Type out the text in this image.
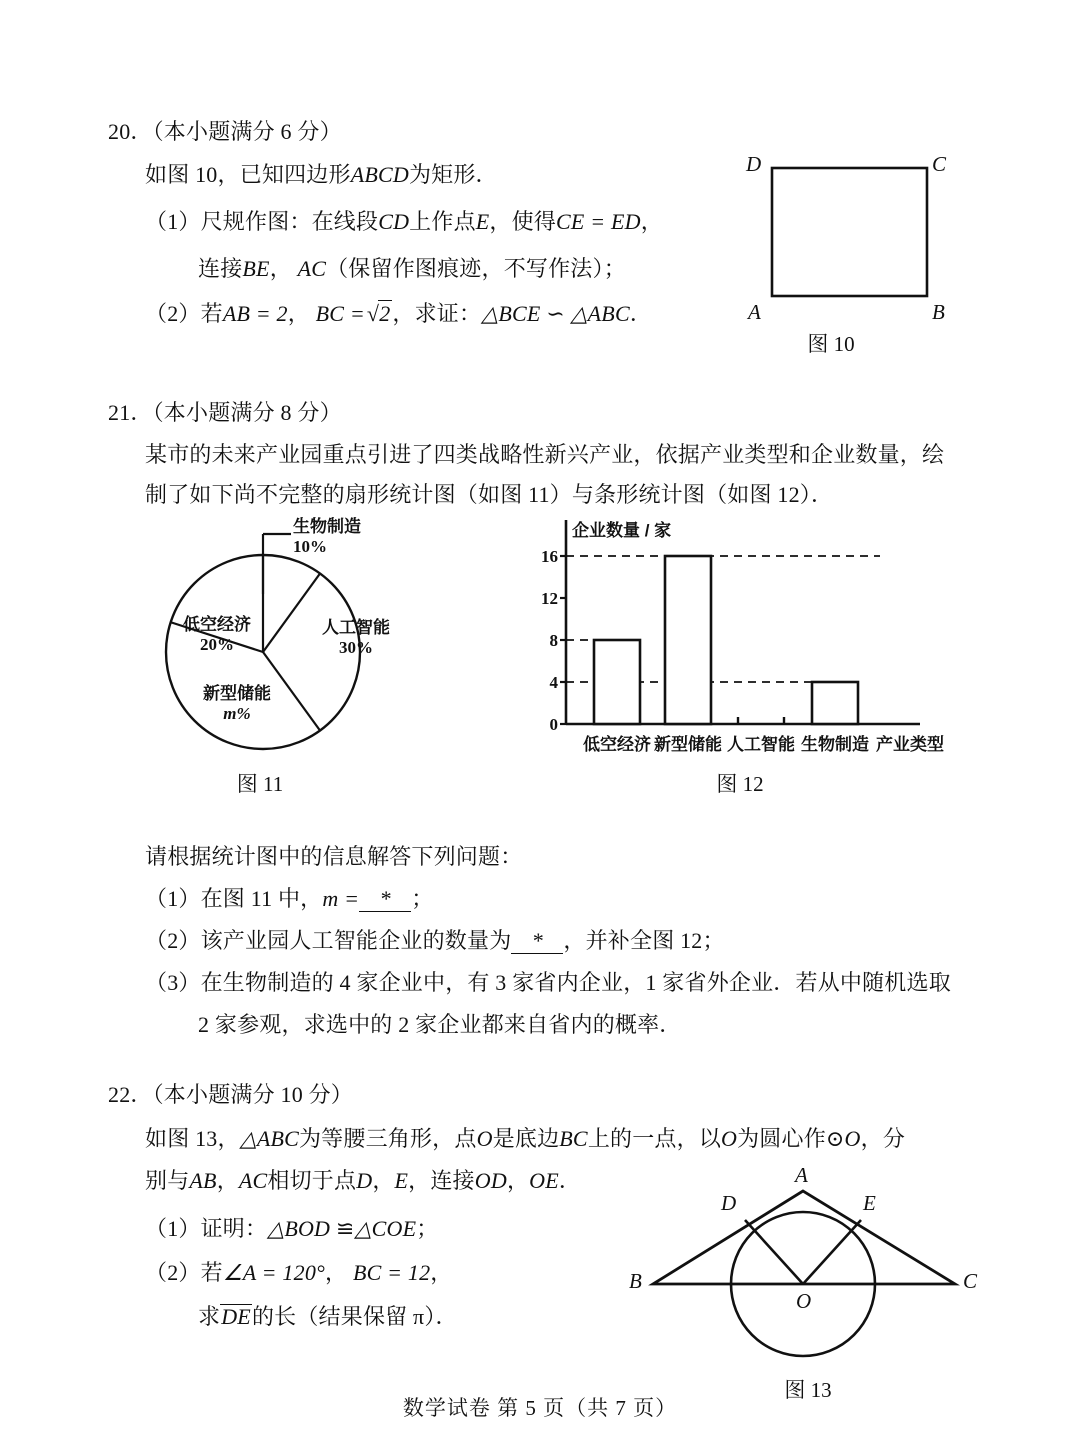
20．（本小题满分 6 分）
如图 10，已知四边形ABCD为矩形．
（1）尺规作图：在线段CD上作点E，使得CE = ED，
连接BE， AC（保留作图痕迹，不写作法）；
（2）若AB = 2， BC =√2，求证：△BCE ∽ △ABC．
D	C
A	B
图 10
21．（本小题满分 8 分）
某市的未来产业园重点引进了四类战略性新兴产业，依据产业类型和企业数量，绘
制了如下尚不完整的扇形统计图（如图 11）与条形统计图（如图 12）．
生物制造
10%
人工智能
30%
低空经济
20%
新型储能
m%
图 11
企业数量 / 家
0
4
8
12
16
低空经济 新型储能 人工智能 生物制造 产业类型
图 12
请根据统计图中的信息解答下列问题：
（1）在图 11 中，m = * ；
（2）该产业园人工智能企业的数量为 * ，并补全图 12；
（3）在生物制造的 4 家企业中，有 3 家省内企业，1 家省外企业．若从中随机选取
2 家参观，求选中的 2 家企业都来自省内的概率．
22．（本小题满分 10 分）
如图 13，△ABC为等腰三角形，点O是底边BC上的一点，以O为圆心作⊙O，分
别与AB，AC相切于点D，E，连接OD，OE．
（1）证明：△BOD ≌△COE；
（2）若∠A = 120°， BC = 12，
求DE的长（结果保留 π）．
A
D	E
B	C
O
图 13
数学试卷 第 5 页（共 7 页）
